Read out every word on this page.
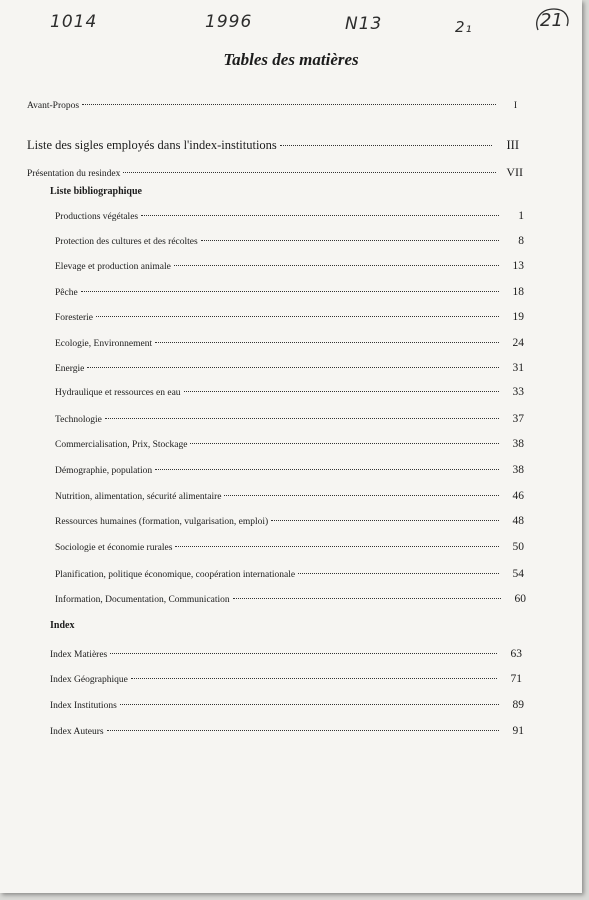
1014	1996	N13	2₁	21
Tables des matières
Avant-Propos	I
Liste des sigles employés dans l'index-institutions	III
Présentation du resindex	VII
Liste bibliographique
Productions végétales	1
Protection des cultures et des récoltes	8
Elevage et production animale	13
Pêche	18
Foresterie	19
Ecologie, Environnement	24
Energie	31
Hydraulique et ressources en eau	33
Technologie	37
Commercialisation, Prix, Stockage	38
Démographie, population	38
Nutrition, alimentation, sécurité alimentaire	46
Ressources humaines (formation, vulgarisation, emploi)	48
Sociologie et économie rurales	50
Planification, politique économique, coopération internationale	54
Information, Documentation, Communication	60
Index
Index Matières	63
Index Géographique	71
Index Institutions	89
Index Auteurs	91
